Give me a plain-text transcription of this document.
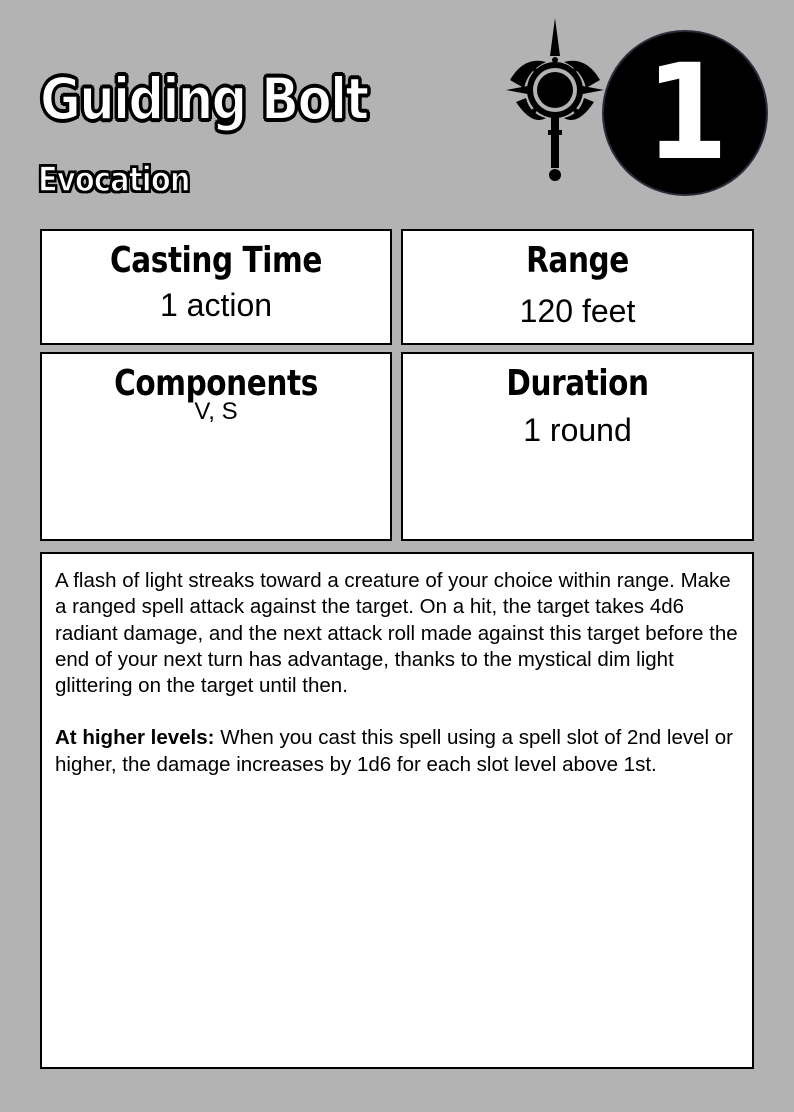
Guiding Bolt
Evocation	1
Casting Time
1 action
Range
120 feet
Components
V, S
Duration
1 round

A flash of light streaks toward a creature of your choice within range. Make a ranged spell attack against the target. On a hit, the target takes 4d6 radiant damage, and the next attack roll made against this target before the end of your next turn has advantage, thanks to the mystical dim light glittering on the target until then.

At higher levels: When you cast this spell using a spell slot of 2nd level or higher, the damage increases by 1d6 for each slot level above 1st.
